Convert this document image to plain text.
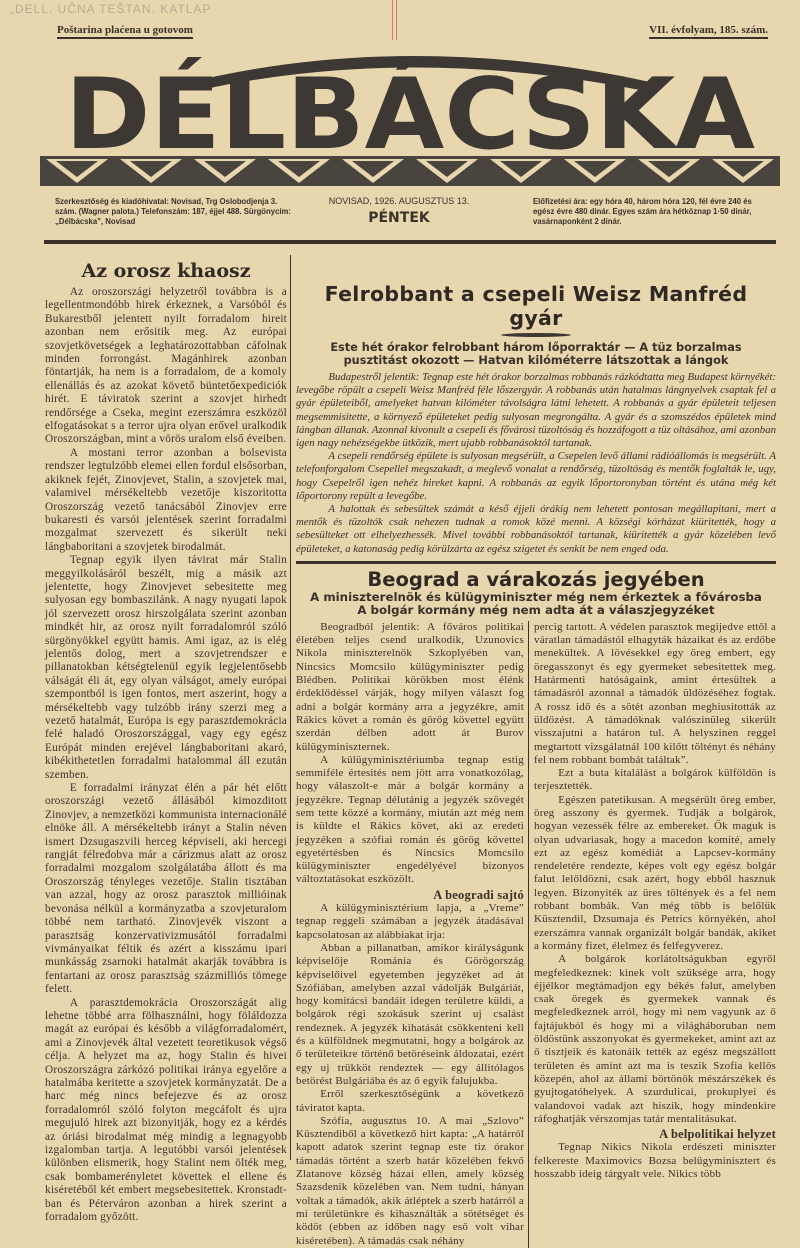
„DELL. UČNA TEŠTAN. KATLAP
Poštarina plaćena u gotovom	VII. évfolyam, 185. szám.
DÉLBÁCSKA
Szerkesztőség és kiadóhivatal: Novisad, Trg Oslobodjenja 3. szám. (Wagner palota.) Telefonszám: 187, éjjel 488. Sürgönycím: „Délbácska”, Novisad
NOVISAD, 1926. AUGUSZTUS 13.
PÉNTEK
Előfizetési ára: egy hóra 40, három hóra 120, fél évre 240 és egész évre 480 dinár. Egyes szám ára hétköznap 1·50 dinár, vasárnaponként 2 dinár.
Az orosz khaosz

Az oroszországi helyzetről továbbra is a legellentmondóbb hirek érkeznek, a Varsóból és Bukarestből jelentett nyilt forradalom hireit azonban nem erősitik meg. Az európai szovjetkövetségek a leghatározottabban cáfolnak minden forrongást. Magánhirek azonban föntartják, ha nem is a forradalom, de a komoly ellenállás és az azokat követő büntetőexpediciók hirét. E táviratok szerint a szovjet hirhedt rendőrsége a Cseka, megint ezerszámra eszközöl elfogatásokat s a terror ujra olyan erővel uralkodik Oroszországban, mint a vörös uralom első éveiben.

A mostani terror azonban a bolsevista rendszer legtulzóbb elemei ellen fordul elsősorban, akiknek fejét, Zinovjevet, Stalin, a szovjetek mai, valamivel mérsékeltebb vezetője kiszoritotta Oroszország vezető tanácsából Zinovjev erre bukaresti és varsói jelentések szerint forradalmi mozgalmat szervezett és sikerült neki lángbaboritani a szovjetek birodalmát.

Tegnap egyik ilyen távirat már Stalin meggyilkolásáról beszélt, mig a másik azt jelentette, hogy Zinovjevet sebesitette meg sulyosan egy bombaszilánk. A nagy nyugati lapok jól szervezett orosz hirszolgálata szerint azonban mindkét hir, az orosz nyilt forradalomról szóló sürgönyökkel együtt hamis. Ami igaz, az is elég jelentős dolog, mert a szovjetrendszer e pillanatokban kétségtelenül egyik legjelentősebb válságát éli át, egy olyan válságot, amely európai szempontból is igen fontos, mert aszerint, hogy a mérsékeltebb vagy tulzóbb irány szerzi meg a vezető hatalmát, Európa is egy parasztdemokrácia felé haladó Oroszországgal, vagy egy egész Európát minden erejével lángbaboritani akaró, kibékithetetlen forradalmi hatalommal áll ezután szemben.

E forradalmi irányzat élén a pár hét előtt oroszországi vezető állásából kimozditott Zinovjev, a nemzetközi kommunista internacionálé elnöke áll. A mérsékeltebb irányt a Stalin néven ismert Dzsugaszvili herceg képviseli, aki hercegi rangját félredobva már a cárizmus alatt az orosz forradalmi mozgalom szolgálatába állott és ma Oroszország tényleges vezetője. Stalin tisztában van azzal, hogy az orosz parasztok millióinak bevonása nélkül a kormányzatba a szovjeturalom többé nem tartható. Zinovjevék viszont a parasztság konzervativizmusától forradalmi vivmányaikat féltik és azért a kisszámu ipari munkásság zsarnoki hatalmát akarják továbbra is fentartani az orosz parasztság százmilliós tömege felett.

A parasztdemokrácia Oroszországát alig lehetne többé arra fölhasználni, hogy föláldozza magát az európai és később a világforradalomért, ami a Zinovjevék által vezetett teoretikusok végső célja. A helyzet ma az, hogy Stalin és hivei Oroszországra zárkózó politikai iránya egyelőre a hatalmába keritette a szovjetek kormányzatát. De a harc még nincs befejezve és az orosz forradalomról szóló folyton megcáfolt és ujra megujuló hirek azt bizonyitják, hogy ez a kérdés az óriási birodalmat még mindig a legnagyobb izgalomban tartja. A legutóbbi varsói jelentések különben elismerik, hogy Stalint nem ölték meg, csak bombamerényletet követtek el ellene és kiséretéből két embert megsebesitettek. Kronstadt-ban és Péterváron azonban a hirek szerint a forradalom győzött.

Felrobbant a csepeli Weisz Manfréd gyár
Este hét órakor felrobbant három lőporraktár — A tüz borzalmas pusztitást okozott — Hatvan kilóméterre látszottak a lángok

Budapestről jelentik: Tegnap este hét órakor borzalmas robbanás rázkódtatta meg Budapest környékét: levegőbe röpült a csepeli Weisz Manfréd féle lőszergyár. A robbanás után hatalmas lángnyelvek csaptak fel a gyár épületeiből, amelyeket hatvan kilóméter távolságra látni lehetett. A robbanás a gyár épületeit teljesen megsemmisitette, a környező épületeket pedig sulyosan megrongálta. A gyár és a szomszédos épületek mind lángban állanak. Azonnal kivonult a csepeli és fővárosi tüzoltóság és hozzáfogott a tüz oltásához, ami azonban igen nagy nehézségekbe ütközik, mert ujabb robbanásoktól tartanak.

A csepeli rendőrség épülete is sulyosan megsérült, a Csepelen levő állami rádióállomás is megsérült. A telefonforgalom Csepellel megszakadt, a meglevő vonalat a rendőrség, tüzoltóság és mentők foglalták le, ugy, hogy Csepelről igen nehéz hireket kapni. A robbanás az egyik lőportoronyban történt és utána még két lőportorony repült a levegőbe.

A halottak és sebesültek számát a késő éjjeli órákig nem lehetett pontosan megállapitani, mert a mentők és tüzoltók csak nehezen tudnak a romok közé menni. A községi kórházat kiüritették, hogy a sebesülteket ott elhelyezhessék. Mivel további robbanásoktól tartanak, kiüritették a gyár közelében levő épületeket, a katonaság pedig körülzárta az egész szigetet és senkit be nem enged oda.

Beograd a várakozás jegyében
A miniszterelnök és külügyminiszter még nem érkeztek a fővárosba
A bolgár kormány még nem adta át a válaszjegyzéket

Beogradból jelentik: A főváros politikai életében teljes csend uralkodik, Uzunovics Nikola miniszterelnök Szkoplyében van, Nincsics Momcsilo külügyminiszter pedig Blédben. Politikai körökben most élénk érdeklődéssel várják, hogy milyen választ fog adni a bolgár kormány arra a jegyzékre, amit Rákics követ a román és görög követtel együtt szerdán délben adott át Burov külügyminiszternek.

A külügyminisztériumba tegnap estig semmiféle értesités nem jött arra vonatkozólag, hogy válaszolt-e már a bolgár kormány a jegyzékre. Tegnap délutánig a jegyzék szövegét sem tette közzé a kormány, miután azt még nem is küldte el Rákics követ, aki az eredeti jegyzéken a szófiai román és görög követtel egyetértésben és Nincsics Momcsilo külügyminiszter engedélyével bizonyos változtatásokat eszközölt.

A beogradi sajtó

A külügyminisztérium lapja, a „Vreme” tegnap reggeli számában a jegyzék átadásával kapcsolatosan az alábbiakat irja:

Abban a pillanatban, amikor királyságunk képviselője Románia és Görögország képviselőivel egyetemben jegyzéket ad át Szófiában, amelyben azzal vádolják Bulgáriát, hogy komitácsi bandáit idegen területre küldi, a bolgárok régi szokásuk szerint uj csalást rendeznek. A jegyzék kihatását csökkenteni kell és a külföldnek megmutatni, hogy a bolgárok az ő területeikre történő betöréseink áldozatai, ezért egy uj trükköt rendeztek — egy állitólagos betörést Bulgáriába és az ő egyik falujukba.

Erről szerkesztőségünk a következő táviratot kapta.

Szófia, augusztus 10. A mai „Szlovo” Küsztendiből a következő hirt kapta: „A határról kapott adatok szerint tegnap este tiz órakor támadás történt a szerb határ közelében fekvő Zlatanove község házai ellen, amely község Szazsdenik közelében van. Nem tudni, hányan voltak a támadók, akik átléptek a szerb határról a mi területünkre és kihasználták a sötétséget és ködöt (ebben az időben nagy eső volt vihar kiséretében). A támadás csak néhány

percig tartott. A védelen parasztok megijedve ettől a váratlan támadástól elhagyták házaikat és az erdőbe menekültek. A lövésekkel egy öreg embert, egy öregasszonyt és egy gyermeket sebesitettek meg. Határmenti hatóságaink, amint értesültek a támadásról azonnal a támadók üldözéséhez fogtak. A rossz idő és a sötét azonban meghiusitották az üldözést. A támadóknak valószinüleg sikerült visszajutni a határon tul. A helyszinen reggel megtartott vizsgálatnál 100 kilőtt töltényt és néhány fel nem robbant bombát találtak”.

Ezt a buta kitalálást a bolgárok külföldön is terjesztették.

Egészen patetikusan. A megsérült öreg ember, öreg asszony és gyermek. Tudják a bolgárok, hogyan vezessék félre az embereket. Ők maguk is olyan udvariasak, hogy a macedon komité, amely ezt az egész komédiát a Lapcsev-kormány rendeletére rendezte, képes volt egy egész bolgár falut lelőldözni, csak azért, hogy ebből hasznuk legyen. Bizonyiték az üres töltények és a fel nem robbant bombák. Van még több is belőlük Küsztendil, Dzsumaja és Petrics környékén, ahol ezerszámra vannak organizált bolgár bandák, akiket a kormány fizet, élelmez és felfegyverez.

A bolgárok korlátoltságukban egyről megfeledkeznek: kinek volt szüksége arra, hogy éjjélkor megtámadjon egy békés falut, amelyben csak öregek és gyermekek vannak és megfeledkeznek arról, hogy mi nem vagyunk az ő fajtájukból és hogy mi a világháboruban nem öldöstünk asszonyokat és gyermekeket, amint azt az ő tisztjeik és katonáik tették az egész megszállott területen és amint azt ma is teszik Szofia kellős közepén, ahol az állami börtönök mészárszékek és gyujtogatóhelyek. A szurdulicai, prokuplyei és valandovoi vadak azt hiszik, hogy mindenkire ráfoghatják vérszomjas tatár mentalitásukat.

A belpolitikai helyzet

Tegnap Nikics Nikola erdészeti miniszter felkereste Maximovics Bozsa belügyminisztert és hosszabb ideig tárgyalt vele. Nikics több
